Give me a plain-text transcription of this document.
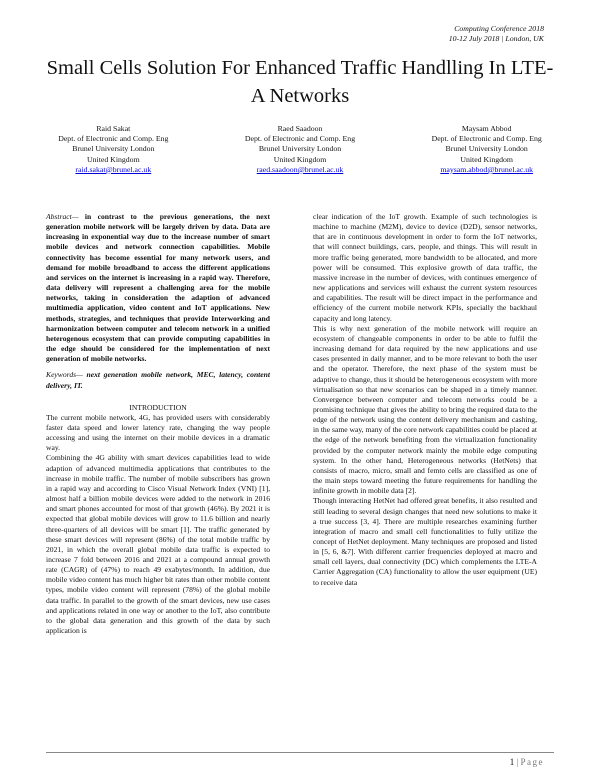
Computing Conference 2018
10-12 July 2018 | London, UK
Small Cells Solution For Enhanced Traffic Handlling In LTE-A Networks
Raid Sakat
Dept. of Electronic and Comp. Eng
Brunel University London
United Kingdom
raid.sakat@brunel.ac.uk
Raed Saadoon
Dept. of Electronic and Comp. Eng
Brunel University London
United Kingdom
raed.saadoon@brunel.ac.uk
Maysam Abbod
Dept. of Electronic and Comp. Eng
Brunel University London
United Kingdom
maysam.abbod@brunel.ac.uk

Abstract— in contrast to the previous generations, the next generation mobile network will be largely driven by data. Data are increasing in exponential way due to the increase number of smart mobile devices and network connection capabilities. Mobile connectivity has become essential for many network users, and demand for mobile broadband to access the different applications and services on the internet is increasing in a rapid way. Therefore, data delivery will represent a challenging area for the mobile networks, taking in consideration the adaption of advanced multimedia application, video content and IoT applications. New methods, strategies, and techniques that provide Interworking and harmonization between computer and telecom network in a unified heterogenous ecosystem that can provide computing capabilities in the edge should be considered for the implementation of next generation of mobile networks.

Keywords— next generation mobile network, MEC, latency, content delivery, IT.

INTRODUCTION

The current mobile network, 4G, has provided users with considerably faster data speed and lower latency rate, changing the way people accessing and using the internet on their mobile devices in a dramatic way.

Combining the 4G ability with smart devices capabilities lead to wide adaption of advanced multimedia applications that contributes to the increase in mobile traffic. The number of mobile subscribers has grown in a rapid way and according to Cisco Visual Network Index (VNI) [1], almost half a billion mobile devices were added to the network in 2016 and smart phones accounted for most of that growth (46%). By 2021 it is expected that global mobile devices will grow to 11.6 billion and nearly three-quarters of all devices will be smart [1]. The traffic generated by these smart devices will represent (86%) of the total mobile traffic by 2021, in which the overall global mobile data traffic is expected to increase 7 fold between 2016 and 2021 at a compound annual growth rate (CAGR) of (47%) to reach 49 exabytes/month. In addition, due mobile video content has much higher bit rates than other mobile content types, mobile video content will represent (78%) of the global mobile data traffic. In parallel to the growth of the smart devices, new use cases and applications related in one way or another to the IoT, also contribute to the global data generation and this growth of the data by such application is

clear indication of the IoT growth. Example of such technologies is machine to machine (M2M), device to device (D2D), sensor networks, that are in continuous development in order to form the IoT networks, that will connect buildings, cars, people, and things. This will result in more traffic being generated, more bandwidth to be allocated, and more power will be consumed. This explosive growth of data traffic, the massive increase in the number of devices, with continues emergence of new applications and services will exhaust the current system resources and capabilities. The result will be direct impact in the performance and efficiency of the current mobile network KPIs, specially the backhaul capacity and long latency.

This is why next generation of the mobile network will require an ecosystem of changeable components in order to be able to fulfil the increasing demand for data required by the new applications and use cases presented in daily manner, and to be more relevant to both the user and the operator. Therefore, the next phase of the system must be adaptive to change, thus it should be heterogeneous ecosystem with more virtualisation so that new scenarios can be shaped in a timely manner. Convergence between computer and telecom networks could be a promising technique that gives the ability to bring the required data to the edge of the network using the content delivery mechanism and cashing, in the same way, many of the core network capabilities could be placed at the edge of the network benefiting from the virtualization functionality provided by the computer network mainly the mobile edge computing system. In the other hand, Heterogeneous networks (HetNets) that consists of macro, micro, small and femto cells are classified as one of the main steps toward meeting the future requirements for handling the infinite growth in mobile data [2].

Though interacting HetNet had offered great benefits, it also resulted and still leading to several design changes that need new solutions to make it a true success [3, 4]. There are multiple researches examining further integration of macro and small cell functionalities to fully utilize the concept of HetNet deployment. Many techniques are proposed and listed in [5, 6, &7]. With different carrier frequencies deployed at macro and small cell layers, dual connectivity (DC) which complements the LTE-A Carrier Aggregation (CA) functionality to allow the user equipment (UE) to receive data

1 | Page
